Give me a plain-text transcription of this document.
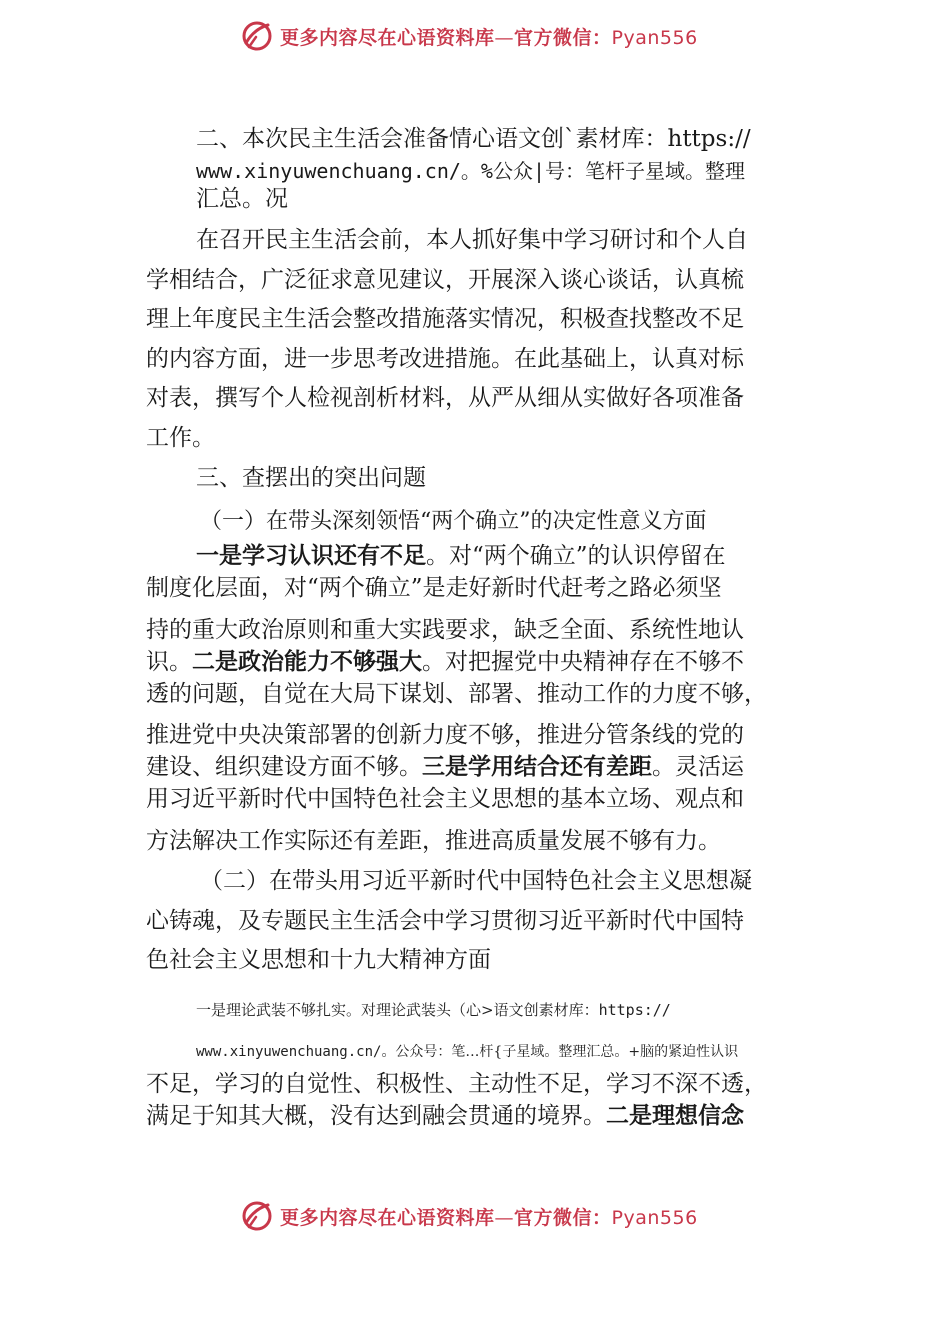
更多内容尽在心语资料库—官方微信：Pyan556

二、本次民主生活会准备情心语文创`素材库：https://

www.xinyuwenchuang.cn/。%公众|号：笔杆子星域。整理

汇总。况

在召开民主生活会前，本人抓好集中学习研讨和个人自

学相结合，广泛征求意见建议，开展深入谈心谈话，认真梳

理上年度民主生活会整改措施落实情况，积极查找整改不足

的内容方面，进一步思考改进措施。在此基础上，认真对标

对表，撰写个人检视剖析材料，从严从细从实做好各项准备

工作。

三、查摆出的突出问题

（一）在带头深刻领悟“两个确立”的决定性意义方面

一是学习认识还有不足。对“两个确立”的认识停留在

制度化层面，对“两个确立”是走好新时代赶考之路必须坚

持的重大政治原则和重大实践要求，缺乏全面、系统性地认

识。二是政治能力不够强大。对把握党中央精神存在不够不

透的问题，自觉在大局下谋划、部署、推动工作的力度不够，

推进党中央决策部署的创新力度不够，推进分管条线的党的

建设、组织建设方面不够。三是学用结合还有差距。灵活运

用习近平新时代中国特色社会主义思想的基本立场、观点和

方法解决工作实际还有差距，推进高质量发展不够有力。

（二）在带头用习近平新时代中国特色社会主义思想凝

心铸魂，及专题民主生活会中学习贯彻习近平新时代中国特

色社会主义思想和十九大精神方面

一是理论武装不够扎实。对理论武装头（心>语文创素材库：https://

www.xinyuwenchuang.cn/。公众号：笔…杆{子星域。整理汇总。+脑的紧迫性认识

不足，学习的自觉性、积极性、主动性不足，学习不深不透，

满足于知其大概，没有达到融会贯通的境界。二是理想信念

更多内容尽在心语资料库—官方微信：Pyan556
